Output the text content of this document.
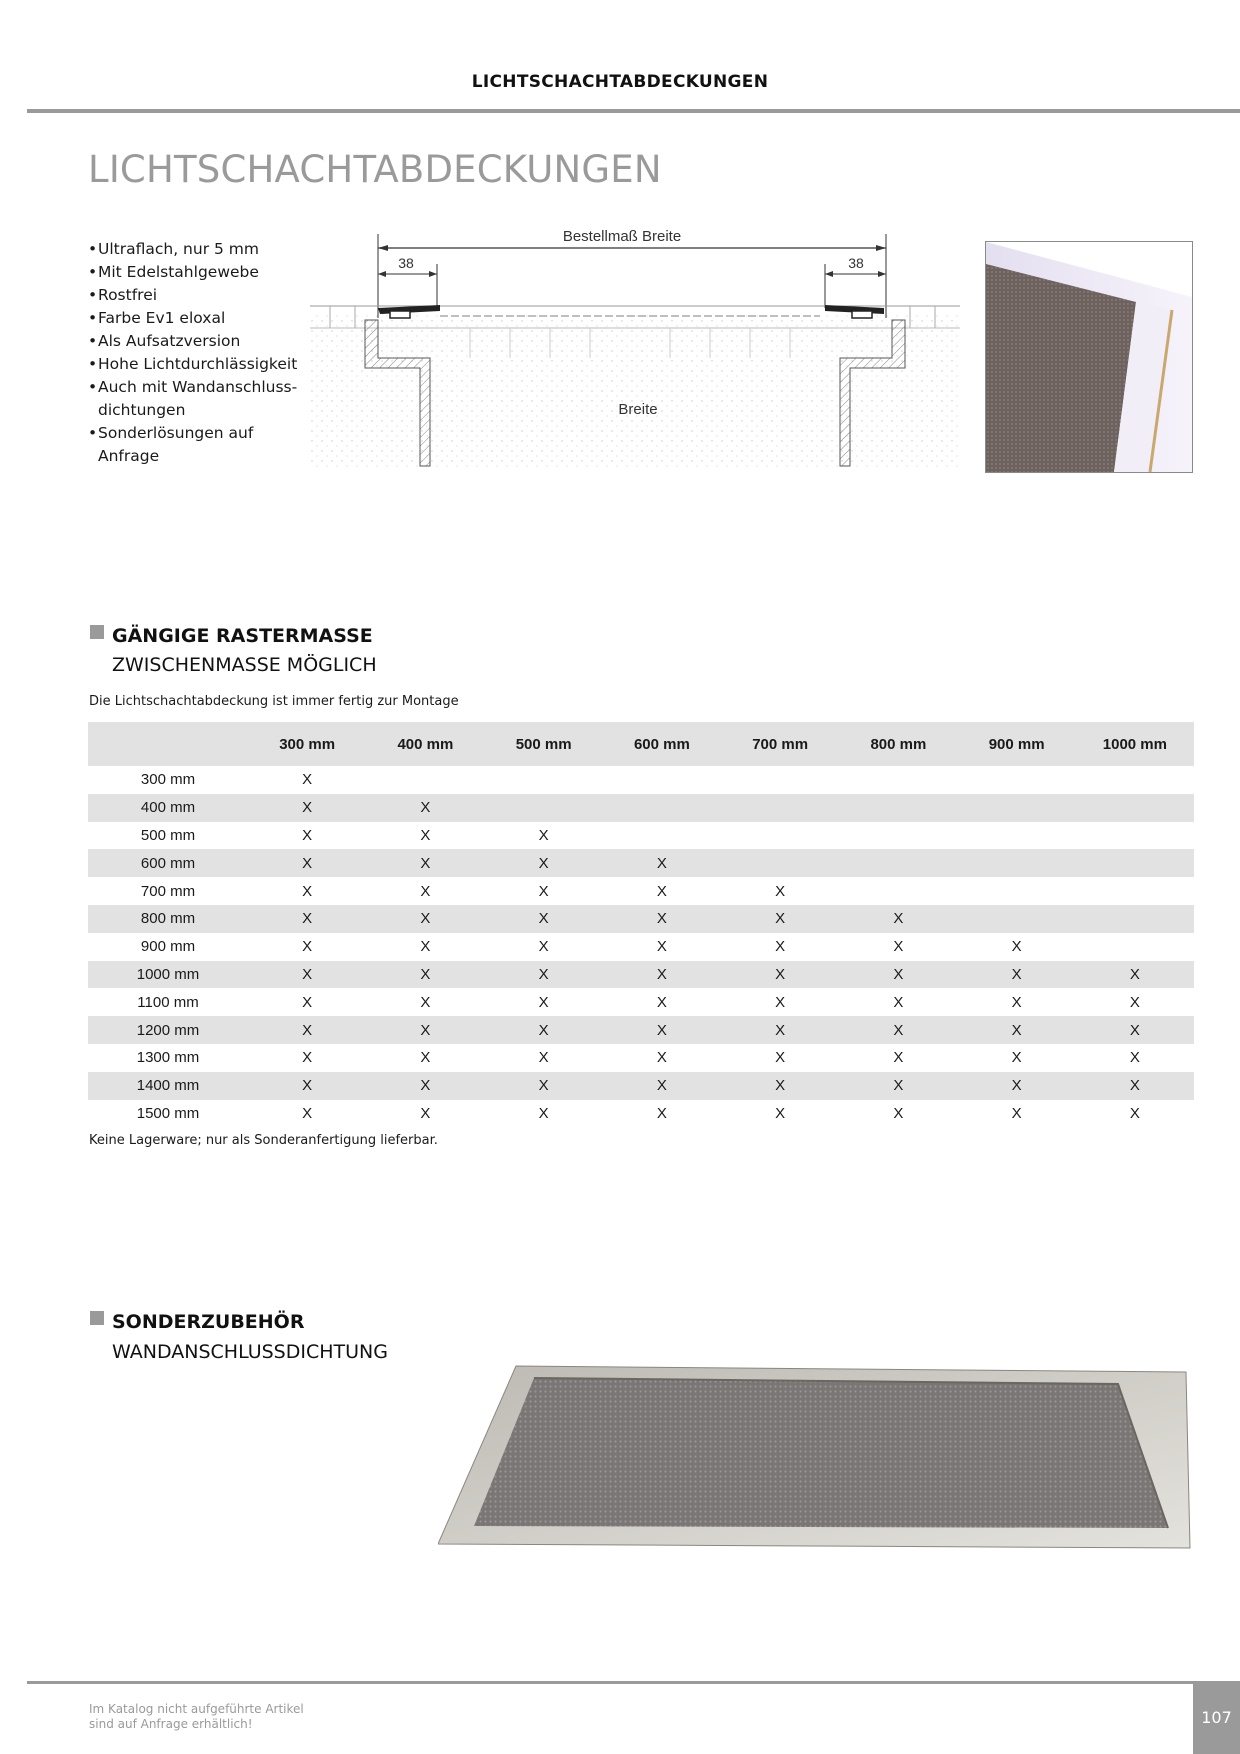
LICHTSCHACHTABDECKUNGEN
LICHTSCHACHTABDECKUNGEN
• Ultraflach, nur 5 mm
• Mit Edelstahlgewebe
• Rostfrei
• Farbe Ev1 eloxal
• Als Aufsatzversion
• Hohe Lichtdurchlässigkeit
• Auch mit Wandanschluss- dichtungen
• Sonderlösungen auf Anfrage
Bestellmaß Breite
38	38
Breite
GÄNGIGE RASTERMASSE
ZWISCHENMASSE MÖGLICH
Die Lichtschachtabdeckung ist immer fertig zur Montage
	300 mm	400 mm	500 mm	600 mm	700 mm	800 mm	900 mm	1000 mm
300 mm	X							
400 mm	X	X						
500 mm	X	X	X					
600 mm	X	X	X	X				
700 mm	X	X	X	X	X			
800 mm	X	X	X	X	X	X		
900 mm	X	X	X	X	X	X	X	
1000 mm	X	X	X	X	X	X	X	X
1100 mm	X	X	X	X	X	X	X	X
1200 mm	X	X	X	X	X	X	X	X
1300 mm	X	X	X	X	X	X	X	X
1400 mm	X	X	X	X	X	X	X	X
1500 mm	X	X	X	X	X	X	X	X
Keine Lagerware; nur als Sonderanfertigung lieferbar.
SONDERZUBEHÖR
WANDANSCHLUSSDICHTUNG
Im Katalog nicht aufgeführte Artikel
sind auf Anfrage erhältlich!	107
